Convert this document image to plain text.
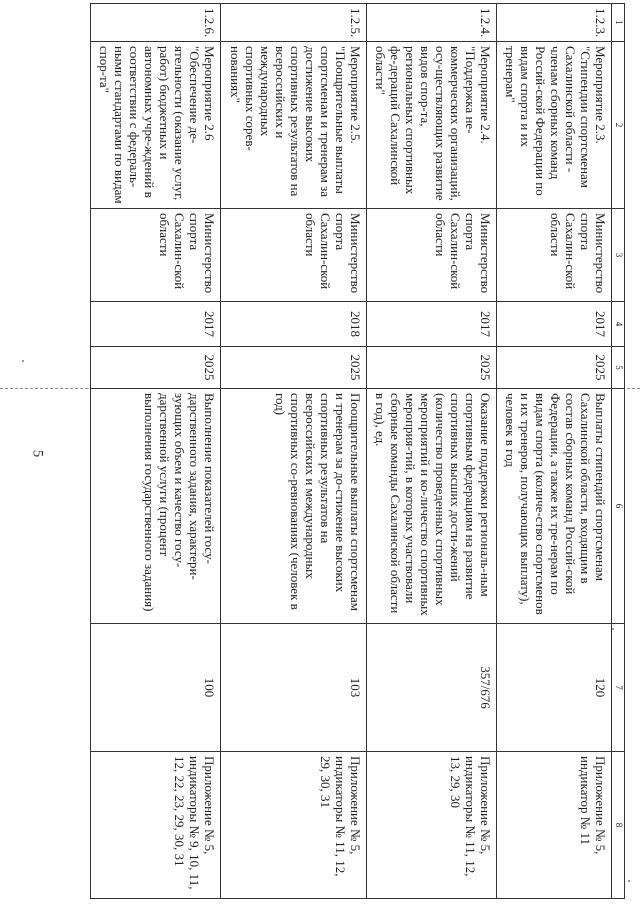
5
1	2	3	4	5	6	7	8
1.2.3.	Мероприятие 2.3. "Стипендии спортсменам Сахалинской области - членам сборных команд Россий-ской Федерации по видам спорта и их тренерам"	Министерство спорта Сахалин-ской области	2017	2025	Выплаты стипендий спортсменам Сахалинской области, входящим в состав сборных команд Россий-ской Федерации, а также их тре-нерам по видам спорта (количе-ство спортсменов и их тренеров, получающих выплату), человек в год	120	Приложение № 5, индикатор № 11
1.2.4.	Мероприятие 2.4. "Поддержка не-коммерческих организаций, осу-ществляющих развитие видов спор-та, региональных спортивных фе-дераций Сахалинской области"	Министерство спорта Сахалин-ской области	2017	2025	Оказание поддержки региональ-ным спортивным федерациям на развитие спортивных высших дости-жений (количество проведенных спортивных мероприятий и ко-личество спортивных мероприя-тий, в которых участвовали сборные команды Сахалинской области в год), ед.	357/676	Приложение № 5, индикаторы № 11, 12, 13, 29, 30
1.2.5.	Мероприятие 2.5. "Поощрительные выплаты спортсменам и тренерам за достижение высоких спортивных результатов на всероссийских и международных спортивных сорев-нованиях"	Министерство спорта Сахалин-ской области	2018	2025	Поощрительные выплаты спортсменам и тренерам за до-стижение высоких спортивных результатов на всероссийских и международных спортивных со-ревнованиях (человек в год)	103	Приложение № 5, индикаторы № 11, 12, 29, 30, 31
1.2.6.	Мероприятие 2.6 "Обеспечение де-ятельности (оказание услуг, работ) бюджетных и автономных учре-ждений в соответствии с федераль-ными стандартами по видам спор-та"	Министерство спорта Сахалин-ской области	2017	2025	Выполнение показателей госу-дарственного задания, характери-зующих объем и качество госу-дарственной услуги (процент выполнения государственного задания)	100	Приложение № 5, индикаторы № 9, 10, 11, 12, 22, 23, 29, 30, 31
